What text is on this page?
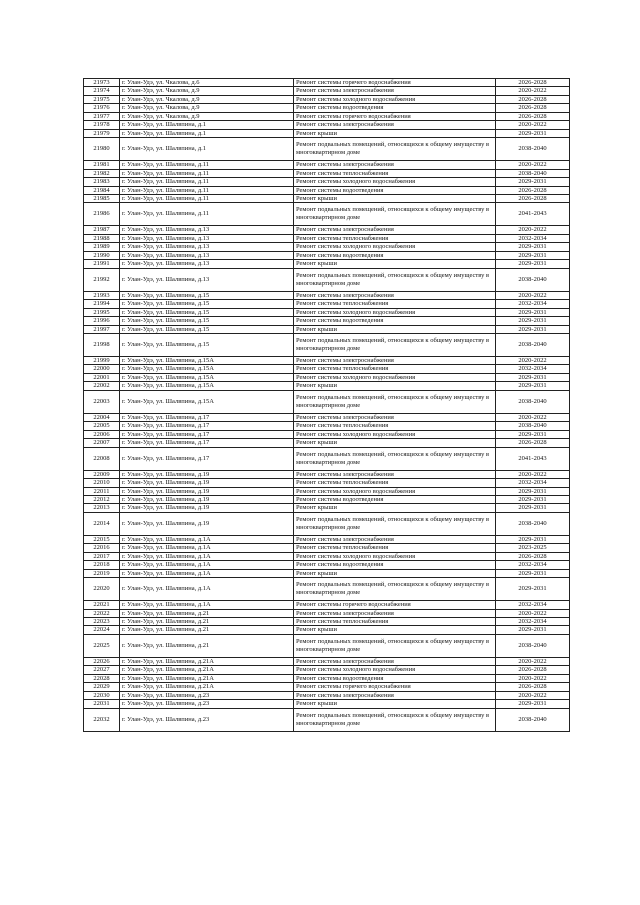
21973	г. Улан-Удэ, ул. Чкалова, д.6	Ремонт системы горячего водоснабжения	2026-2028
21974	г. Улан-Удэ, ул. Чкалова, д.9	Ремонт системы электроснабжения	2020-2022
21975	г. Улан-Удэ, ул. Чкалова, д.9	Ремонт системы холодного водоснабжения	2026-2028
21976	г. Улан-Удэ, ул. Чкалова, д.9	Ремонт системы водоотведения	2026-2028
21977	г. Улан-Удэ, ул. Чкалова, д.9	Ремонт системы горячего водоснабжения	2026-2028
21978	г. Улан-Удэ, ул. Шалвпина, д.1	Ремонт системы электроснабжения	2020-2022
21979	г. Улан-Удэ, ул. Шалвпина, д.1	Ремонт крыши	2029-2031
21980	г. Улан-Удэ, ул. Шалвпина, д.1	Ремонт подвальных помещений, относящихся к общему имуществу в многоквартирном доме	2038-2040
21981	г. Улан-Удэ, ул. Шалвпина, д.11	Ремонт системы электроснабжения	2020-2022
21982	г. Улан-Удэ, ул. Шалвпина, д.11	Ремонт системы теплоснабжения	2038-2040
21983	г. Улан-Удэ, ул. Шалвпина, д.11	Ремонт системы холодного водоснабжения	2029-2031
21984	г. Улан-Удэ, ул. Шалвпина, д.11	Ремонт системы водоотведения	2026-2028
21985	г. Улан-Удэ, ул. Шалвпина, д.11	Ремонт крыши	2026-2028
21986	г. Улан-Удэ, ул. Шалвпина, д.11	Ремонт подвальных помещений, относящихся к общему имуществу в многоквартирном доме	2041-2043
21987	г. Улан-Удэ, ул. Шалвпина, д.13	Ремонт системы электроснабжения	2020-2022
21988	г. Улан-Удэ, ул. Шалвпина, д.13	Ремонт системы теплоснабжения	2032-2034
21989	г. Улан-Удэ, ул. Шалвпина, д.13	Ремонт системы холодного водоснабжения	2029-2031
21990	г. Улан-Удэ, ул. Шалвпина, д.13	Ремонт системы водоотведения	2029-2031
21991	г. Улан-Удэ, ул. Шалвпина, д.13	Ремонт крыши	2029-2031
21992	г. Улан-Удэ, ул. Шалвпина, д.13	Ремонт подвальных помещений, относящихся к общему имуществу в многоквартирном доме	2038-2040
21993	г. Улан-Удэ, ул. Шалвпина, д.15	Ремонт системы электроснабжения	2020-2022
21994	г. Улан-Удэ, ул. Шалвпина, д.15	Ремонт системы теплоснабжения	2032-2034
21995	г. Улан-Удэ, ул. Шалвпина, д.15	Ремонт системы холодного водоснабжения	2029-2031
21996	г. Улан-Удэ, ул. Шалвпина, д.15	Ремонт системы водоотведения	2029-2031
21997	г. Улан-Удэ, ул. Шалвпина, д.15	Ремонт крыши	2029-2031
21998	г. Улан-Удэ, ул. Шалвпина, д.15	Ремонт подвальных помещений, относящихся к общему имуществу в многоквартирном доме	2038-2040
21999	г. Улан-Удэ, ул. Шалвпина, д.15А	Ремонт системы электроснабжения	2020-2022
22000	г. Улан-Удэ, ул. Шалвпина, д.15А	Ремонт системы теплоснабжения	2032-2034
22001	г. Улан-Удэ, ул. Шалвпина, д.15А	Ремонт системы холодного водоснабжения	2029-2031
22002	г. Улан-Удэ, ул. Шалвпина, д.15А	Ремонт крыши	2029-2031
22003	г. Улан-Удэ, ул. Шалвпина, д.15А	Ремонт подвальных помещений, относящихся к общему имуществу в многоквартирном доме	2038-2040
22004	г. Улан-Удэ, ул. Шалвпина, д.17	Ремонт системы электроснабжения	2020-2022
22005	г. Улан-Удэ, ул. Шалвпина, д.17	Ремонт системы теплоснабжения	2038-2040
22006	г. Улан-Удэ, ул. Шалвпина, д.17	Ремонт системы холодного водоснабжения	2029-2031
22007	г. Улан-Удэ, ул. Шалвпина, д.17	Ремонт крыши	2026-2028
22008	г. Улан-Удэ, ул. Шалвпина, д.17	Ремонт подвальных помещений, относящихся к общему имуществу в многоквартирном доме	2041-2043
22009	г. Улан-Удэ, ул. Шалвпина, д.19	Ремонт системы электроснабжения	2020-2022
22010	г. Улан-Удэ, ул. Шалвпина, д.19	Ремонт системы теплоснабжения	2032-2034
22011	г. Улан-Удэ, ул. Шалвпина, д.19	Ремонт системы холодного водоснабжения	2029-2031
22012	г. Улан-Удэ, ул. Шалвпина, д.19	Ремонт системы водоотведения	2029-2031
22013	г. Улан-Удэ, ул. Шалвпина, д.19	Ремонт крыши	2029-2031
22014	г. Улан-Удэ, ул. Шалвпина, д.19	Ремонт подвальных помещений, относящихся к общему имуществу в многоквартирном доме	2038-2040
22015	г. Улан-Удэ, ул. Шалвпина, д.1А	Ремонт системы электроснабжения	2029-2031
22016	г. Улан-Удэ, ул. Шалвпина, д.1А	Ремонт системы теплоснабжения	2023-2025
22017	г. Улан-Удэ, ул. Шалвпина, д.1А	Ремонт системы холодного водоснабжения	2026-2028
22018	г. Улан-Удэ, ул. Шалвпина, д.1А	Ремонт системы водоотведения	2032-2034
22019	г. Улан-Удэ, ул. Шалвпина, д.1А	Ремонт крыши	2029-2031
22020	г. Улан-Удэ, ул. Шалвпина, д.1А	Ремонт подвальных помещений, относящихся к общему имуществу в многоквартирном доме	2029-2031
22021	г. Улан-Удэ, ул. Шалвпина, д.1А	Ремонт системы горячего водоснабжения	2032-2034
22022	г. Улан-Удэ, ул. Шалвпина, д.21	Ремонт системы электроснабжения	2020-2022
22023	г. Улан-Удэ, ул. Шалвпина, д.21	Ремонт системы теплоснабжения	2032-2034
22024	г. Улан-Удэ, ул. Шалвпина, д.21	Ремонт крыши	2029-2031
22025	г. Улан-Удэ, ул. Шалвпина, д.21	Ремонт подвальных помещений, относящихся к общему имуществу в многоквартирном доме	2038-2040
22026	г. Улан-Удэ, ул. Шалвпина, д.21А	Ремонт системы электроснабжения	2020-2022
22027	г. Улан-Удэ, ул. Шалвпина, д.21А	Ремонт системы холодного водоснабжения	2026-2028
22028	г. Улан-Удэ, ул. Шалвпина, д.21А	Ремонт системы водоотведения	2020-2022
22029	г. Улан-Удэ, ул. Шалвпина, д.21А	Ремонт системы горячего водоснабжения	2026-2028
22030	г. Улан-Удэ, ул. Шалвпина, д.23	Ремонт системы электроснабжения	2020-2022
22031	г. Улан-Удэ, ул. Шалвпина, д.23	Ремонт крыши	2029-2031
22032	г. Улан-Удэ, ул. Шалвпина, д.23	Ремонт подвальных помещений, относящихся к общему имуществу в многоквартирном доме	2038-2040
